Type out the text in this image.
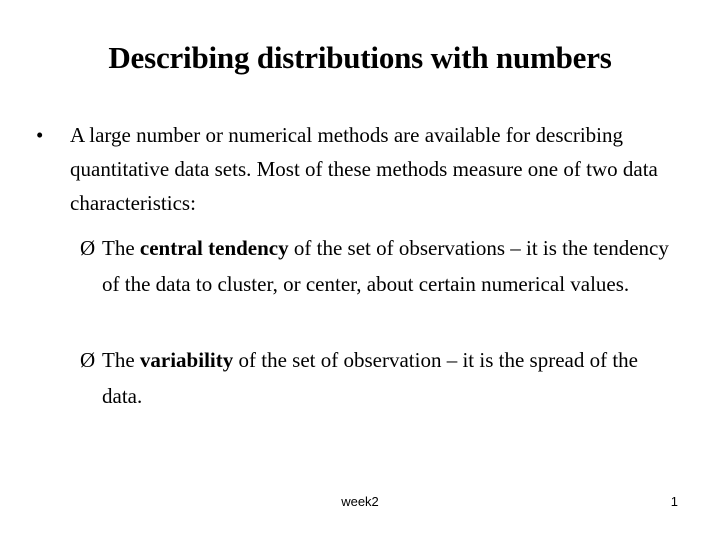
Describing distributions with numbers
• A large number or numerical methods are available for describing quantitative data sets. Most of these methods measure one of two data characteristics:
Ø The central tendency of the set of observations – it is the tendency of the data to cluster, or center, about certain numerical values.
Ø The variability of the set of observation – it is the spread of the data.
week2	1
